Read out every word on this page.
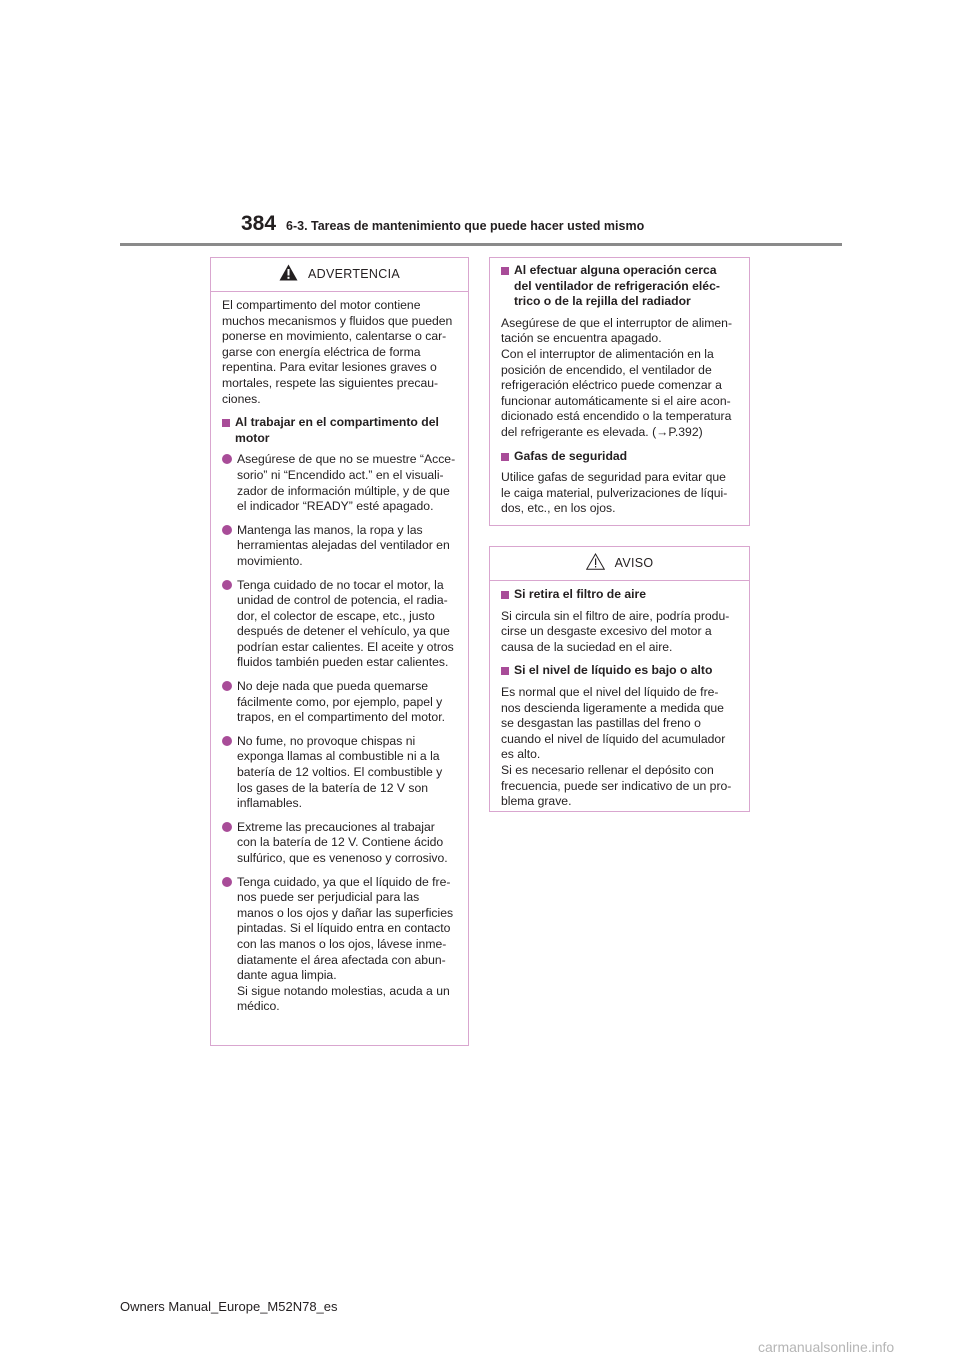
384 6-3. Tareas de mantenimiento que puede hacer usted mismo
ADVERTENCIA

El compartimento del motor contiene
muchos mecanismos y fluidos que pueden
ponerse en movimiento, calentarse o car-
garse con energía eléctrica de forma
repentina. Para evitar lesiones graves o
mortales, respete las siguientes precau-
ciones.

Al trabajar en el compartimento del
motor
Asegúrese de que no se muestre “Acce-
sorio” ni “Encendido act.” en el visuali-
zador de información múltiple, y de que
el indicador “READY” esté apagado.
Mantenga las manos, la ropa y las
herramientas alejadas del ventilador en
movimiento.
Tenga cuidado de no tocar el motor, la
unidad de control de potencia, el radia-
dor, el colector de escape, etc., justo
después de detener el vehículo, ya que
podrían estar calientes. El aceite y otros
fluidos también pueden estar calientes.
No deje nada que pueda quemarse
fácilmente como, por ejemplo, papel y
trapos, en el compartimento del motor.
No fume, no provoque chispas ni
exponga llamas al combustible ni a la
batería de 12 voltios. El combustible y
los gases de la batería de 12 V son
inflamables.
Extreme las precauciones al trabajar
con la batería de 12 V. Contiene ácido
sulfúrico, que es venenoso y corrosivo.
Tenga cuidado, ya que el líquido de fre-
nos puede ser perjudicial para las
manos o los ojos y dañar las superficies
pintadas. Si el líquido entra en contacto
con las manos o los ojos, lávese inme-
diatamente el área afectada con abun-
dante agua limpia.
Si sigue notando molestias, acuda a un
médico.
Al efectuar alguna operación cerca
del ventilador de refrigeración eléc-
trico o de la rejilla del radiador

Asegúrese de que el interruptor de alimen-
tación se encuentra apagado.
Con el interruptor de alimentación en la
posición de encendido, el ventilador de
refrigeración eléctrico puede comenzar a
funcionar automáticamente si el aire acon-
dicionado está encendido o la temperatura
del refrigerante es elevada. (→P.392)

Gafas de seguridad

Utilice gafas de seguridad para evitar que
le caiga material, pulverizaciones de líqui-
dos, etc., en los ojos.

AVISO
Si retira el filtro de aire

Si circula sin el filtro de aire, podría produ-
cirse un desgaste excesivo del motor a
causa de la suciedad en el aire.

Si el nivel de líquido es bajo o alto

Es normal que el nivel del líquido de fre-
nos descienda ligeramente a medida que
se desgastan las pastillas del freno o
cuando el nivel de líquido del acumulador
es alto.
Si es necesario rellenar el depósito con
frecuencia, puede ser indicativo de un pro-
blema grave.

Owners Manual_Europe_M52N78_es
carmanualsonline.info
